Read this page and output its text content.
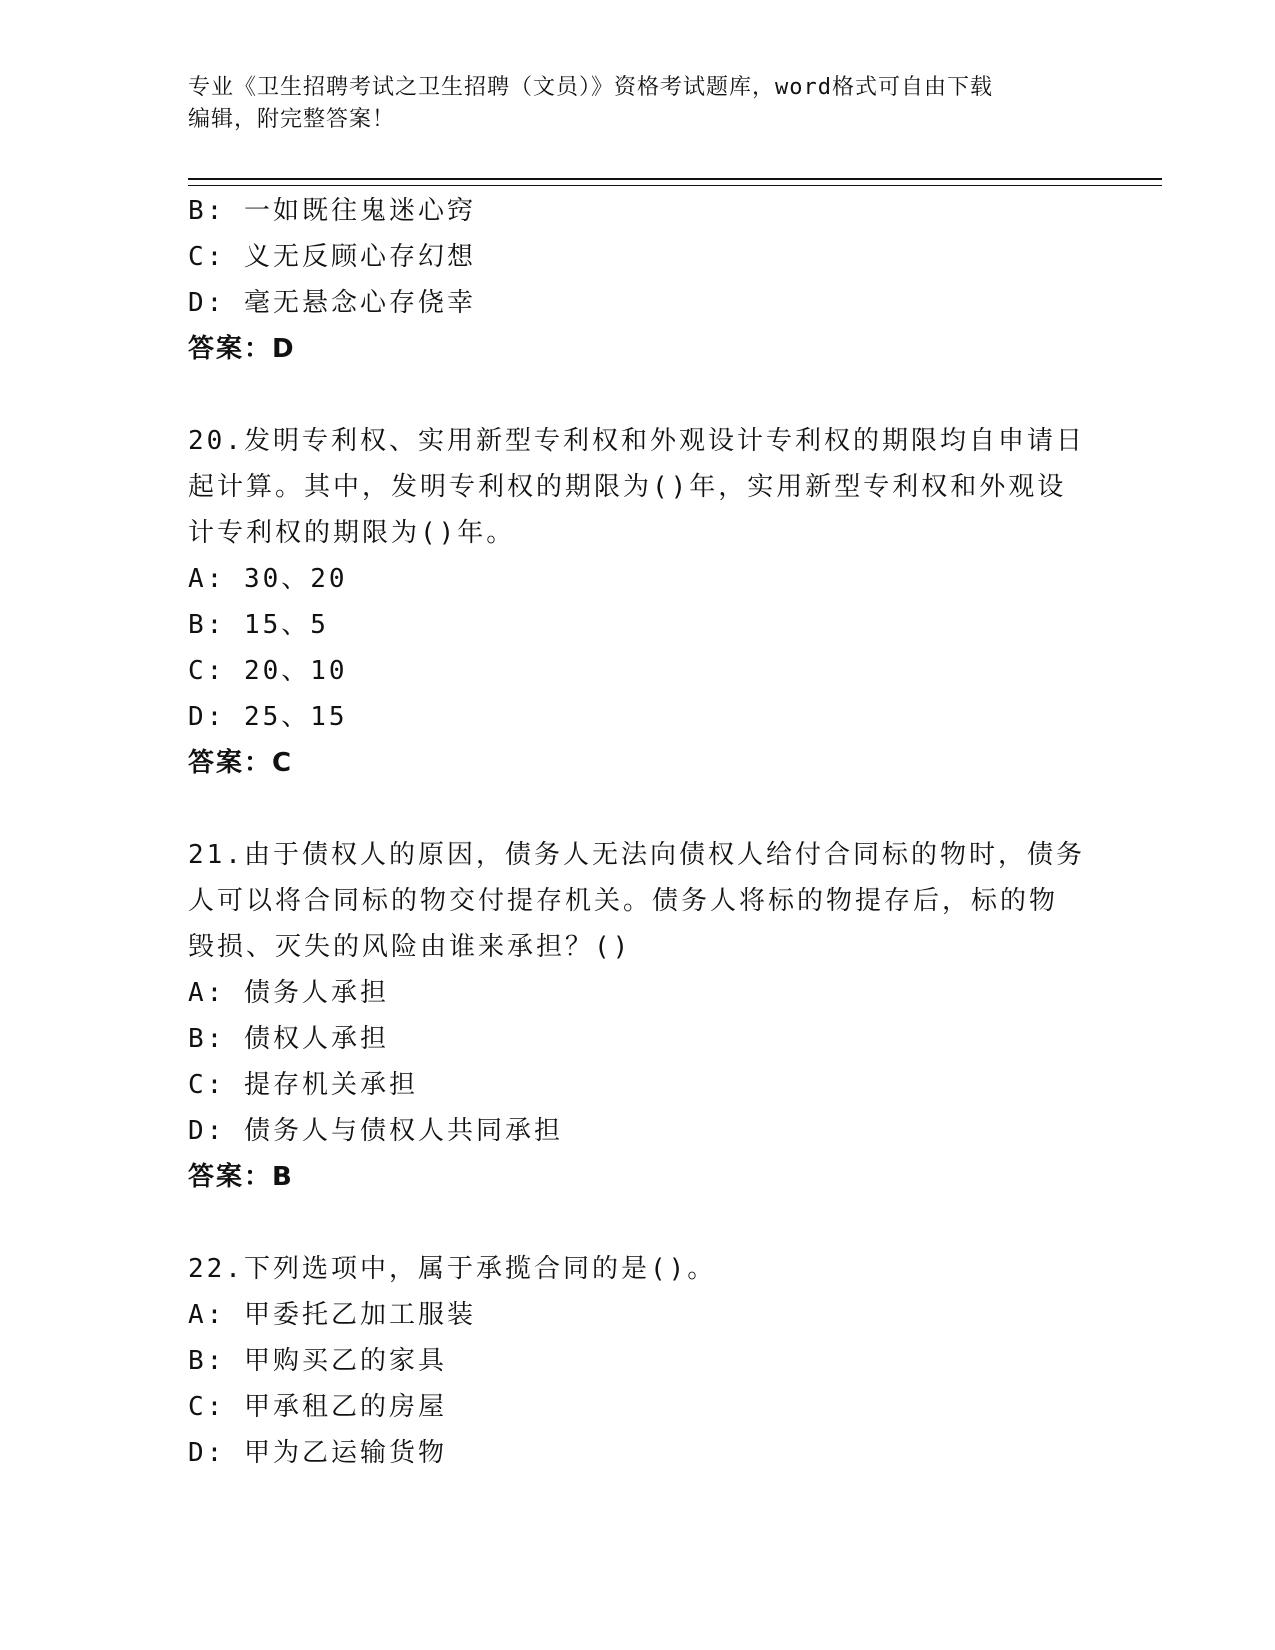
专业《卫生招聘考试之卫生招聘（文员）》资格考试题库，word格式可自由下载
编辑，附完整答案！
B: 一如既往鬼迷心窍
C: 义无反顾心存幻想
D: 毫无悬念心存侥幸
答案：D
20.发明专利权、实用新型专利权和外观设计专利权的期限均自申请日
起计算。其中，发明专利权的期限为()年，实用新型专利权和外观设
计专利权的期限为()年。
A: 30、20
B: 15、5
C: 20、10
D: 25、15
答案：C
21.由于债权人的原因，债务人无法向债权人给付合同标的物时，债务
人可以将合同标的物交付提存机关。债务人将标的物提存后，标的物
毁损、灭失的风险由谁来承担？()
A: 债务人承担
B: 债权人承担
C: 提存机关承担
D: 债务人与债权人共同承担
答案：B
22.下列选项中，属于承揽合同的是()。
A: 甲委托乙加工服装
B: 甲购买乙的家具
C: 甲承租乙的房屋
D: 甲为乙运输货物
